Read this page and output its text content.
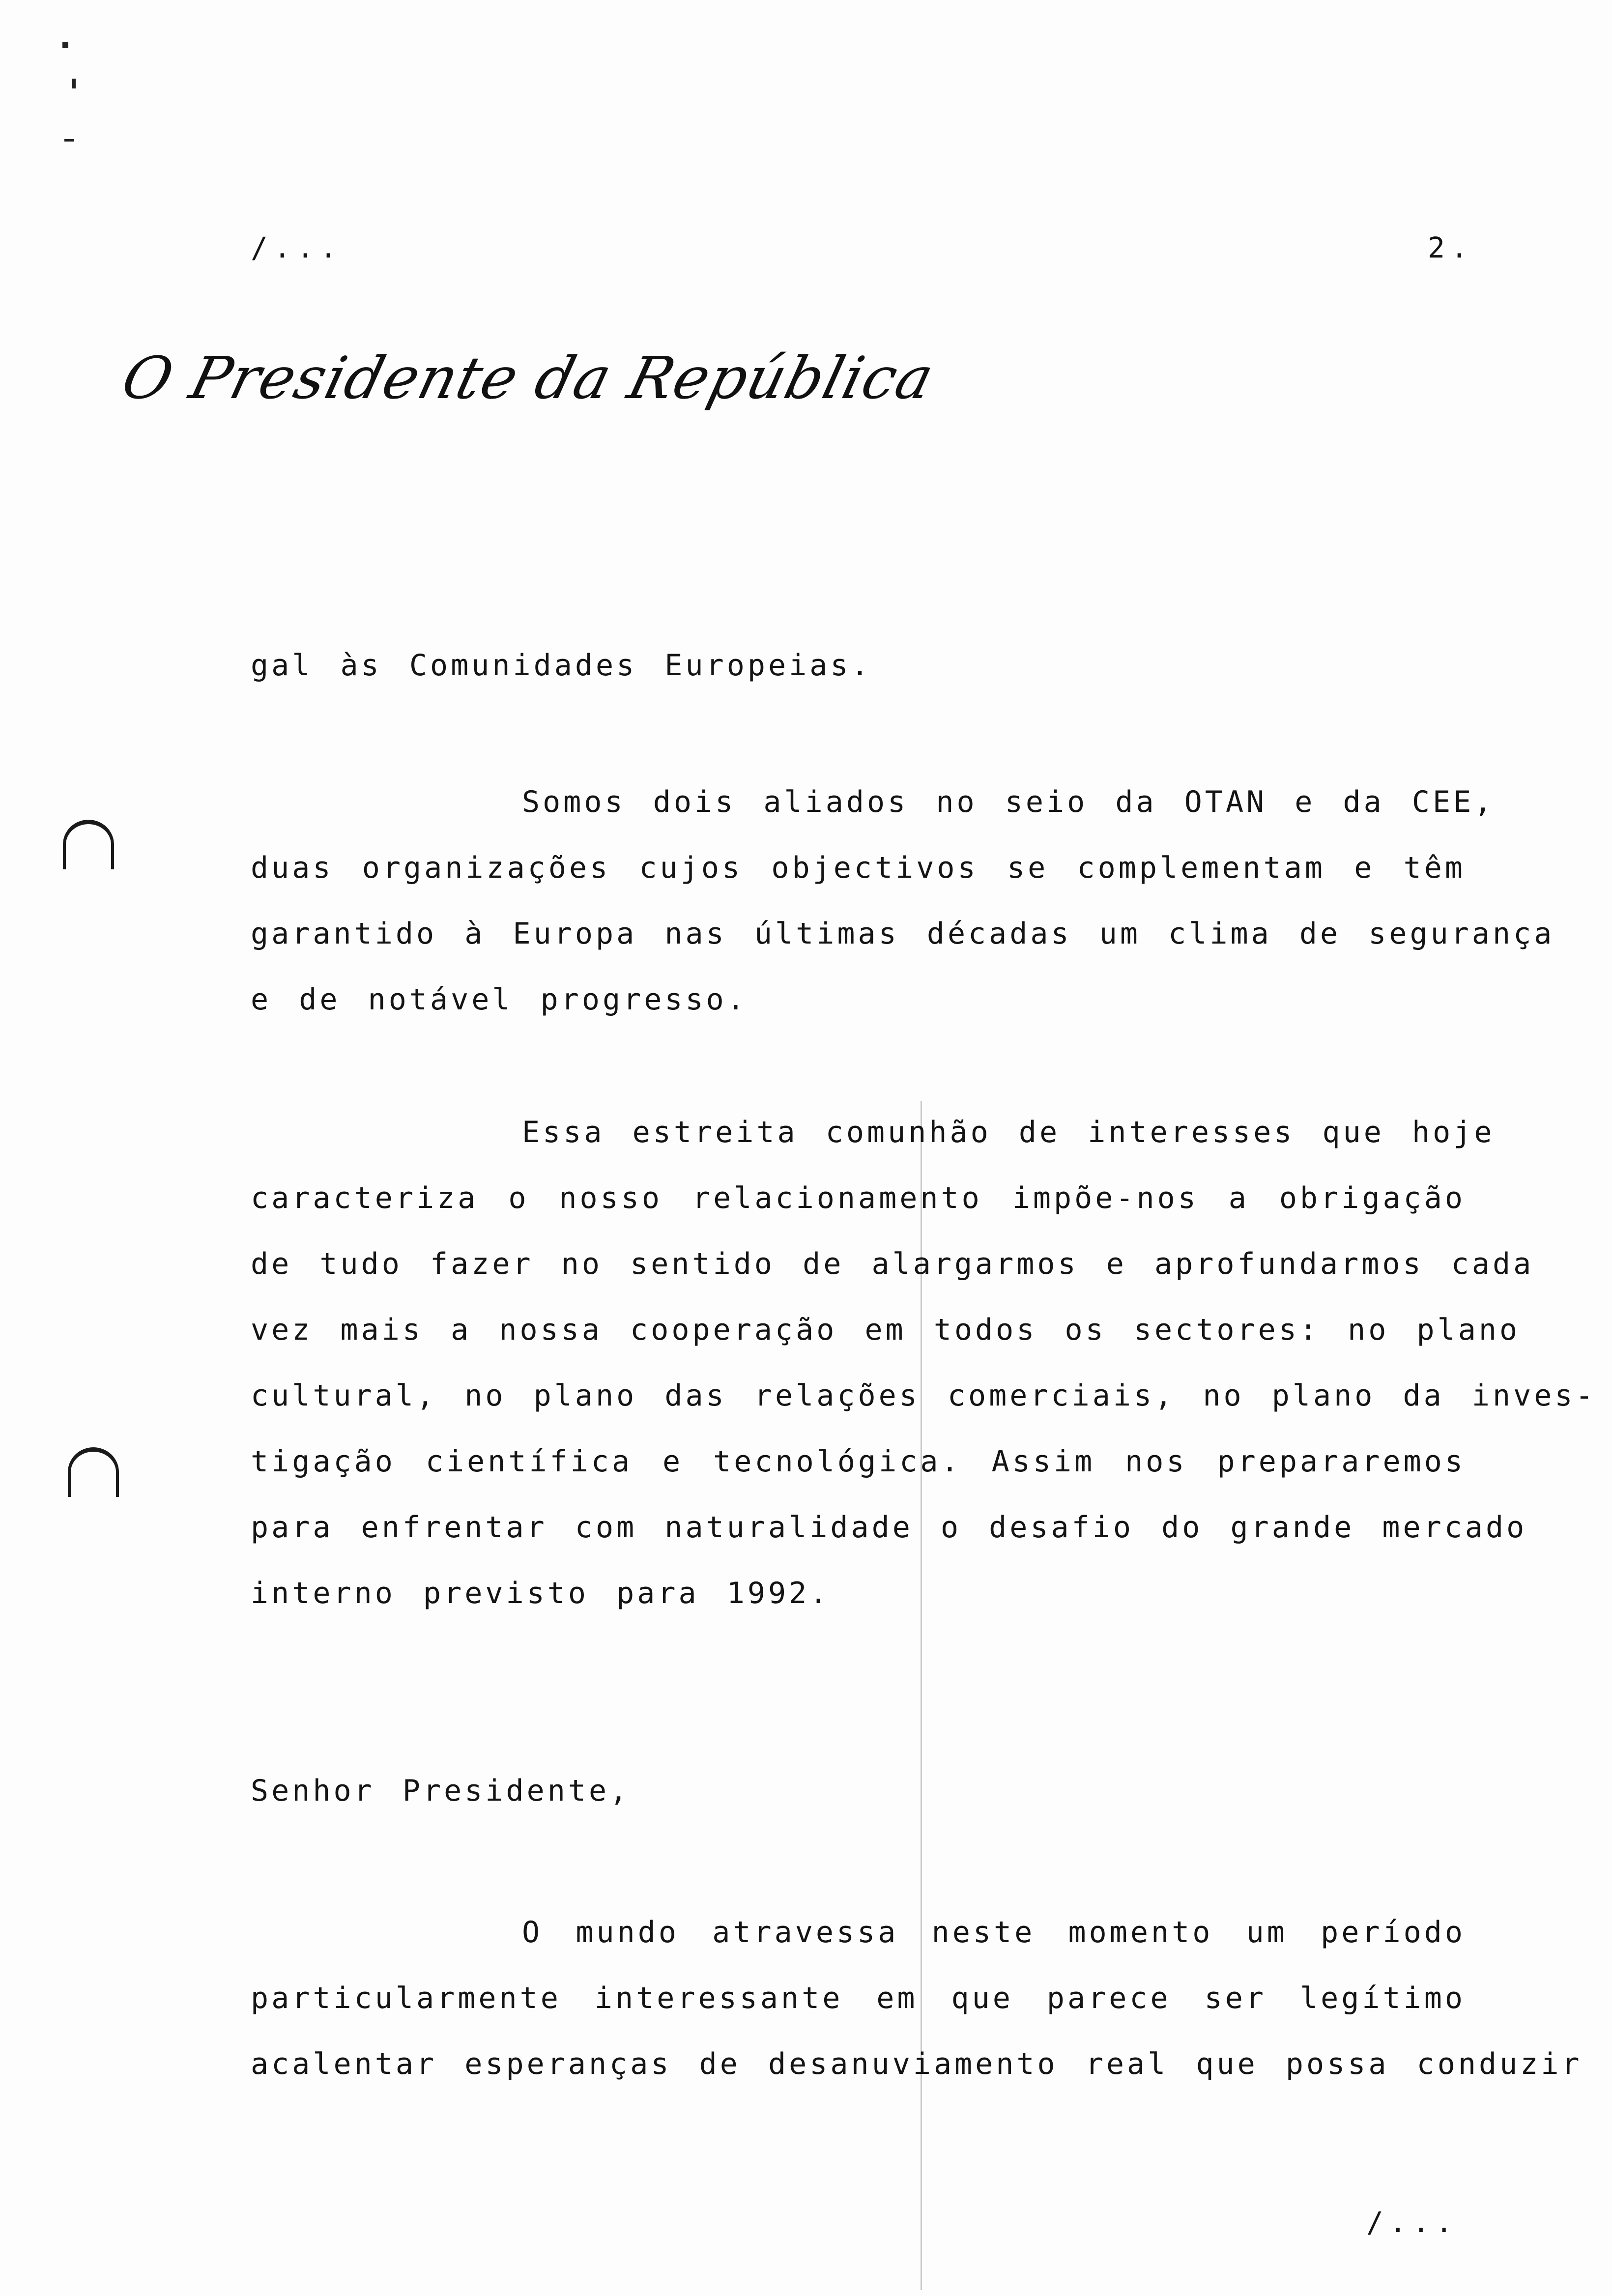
/...	2.
O Presidente da República
gal às Comunidades Europeias.
Somos dois aliados no seio da OTAN e da CEE,
duas organizações cujos objectivos se complementam e têm
garantido à Europa nas últimas décadas um clima de segurança
e de notável progresso.
Essa estreita comunhão de interesses que hoje
caracteriza o nosso relacionamento impõe-nos a obrigação
de tudo fazer no sentido de alargarmos e aprofundarmos cada
vez mais a nossa cooperação em todos os sectores: no plano
cultural, no plano das relações comerciais, no plano da inves-
tigação científica e tecnológica. Assim nos prepararemos
para enfrentar com naturalidade o desafio do grande mercado
interno previsto para 1992.
Senhor Presidente,
O mundo atravessa neste momento um período
particularmente interessante em que parece ser legítimo
acalentar esperanças de desanuviamento real que possa conduzir
/...
